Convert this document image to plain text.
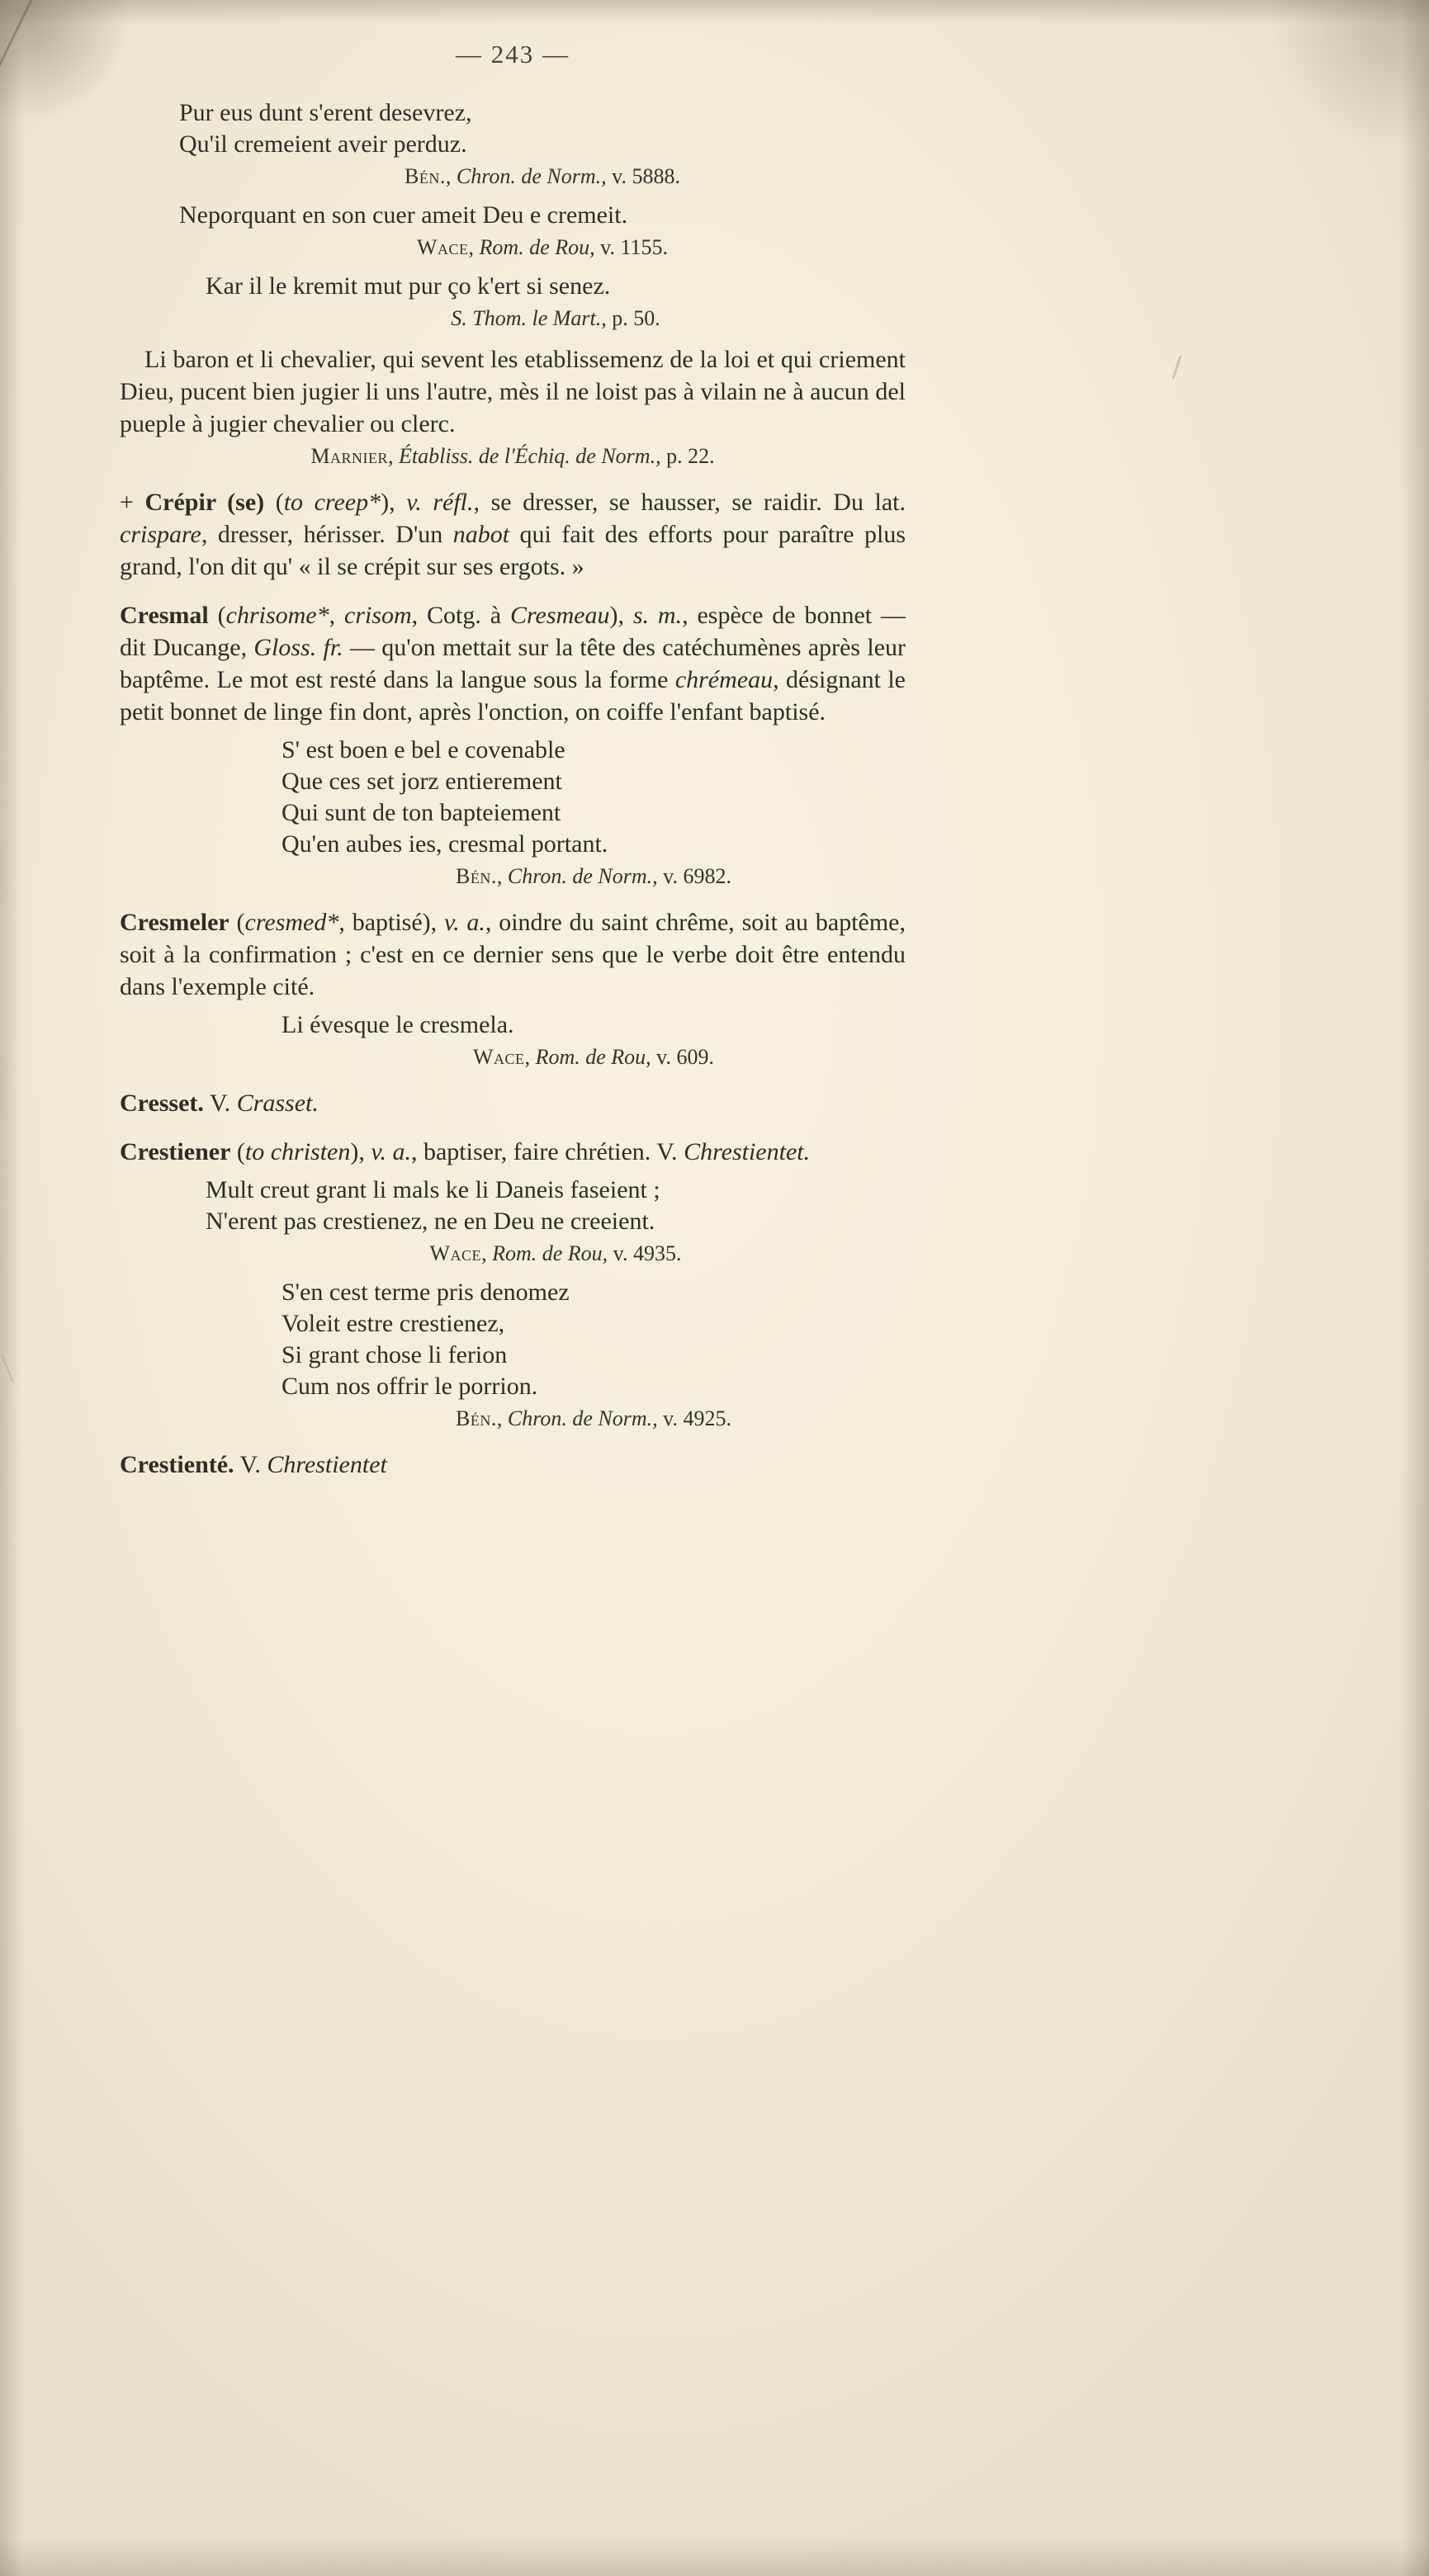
— 243 —
Pur eus dunt s'erent desevrez,
Qu'il cremeient aveir perduz.
Bén., Chron. de Norm., v. 5888.
Neporquant en son cuer ameit Deu e cremeit.
Wace, Rom. de Rou, v. 1155.
Kar il le kremit mut pur ço k'ert si senez.
S. Thom. le Mart., p. 50.

Li baron et li chevalier, qui sevent les etablissemenz de la loi et qui criement Dieu, pucent bien jugier li uns l'autre, mès il ne loist pas à vilain ne à aucun del pueple à jugier chevalier ou clerc.

Marnier, Établiss. de l'Échiq. de Norm., p. 22.

+ Crépir (se) (to creep*), v. réfl., se dresser, se hausser, se raidir. Du lat. crispare, dresser, hérisser. D'un nabot qui fait des efforts pour paraître plus grand, l'on dit qu' « il se crépit sur ses ergots. »

Cresmal (chrisome*, crisom, Cotg. à Cresmeau), s. m., espèce de bonnet — dit Ducange, Gloss. fr. — qu'on mettait sur la tête des catéchumènes après leur baptême. Le mot est resté dans la langue sous la forme chrémeau, désignant le petit bonnet de linge fin dont, après l'onction, on coiffe l'enfant baptisé.

S' est boen e bel e covenable
Que ces set jorz entierement
Qui sunt de ton bapteiement
Qu'en aubes ies, cresmal portant.
Bén., Chron. de Norm., v. 6982.

Cresmeler (cresmed*, baptisé), v. a., oindre du saint chrême, soit au baptême, soit à la confirmation ; c'est en ce dernier sens que le verbe doit être entendu dans l'exemple cité.

Li évesque le cresmela.
Wace, Rom. de Rou, v. 609.

Cresset. V. Crasset.

Crestiener (to christen), v. a., baptiser, faire chrétien. V. Chrestientet.

Mult creut grant li mals ke li Daneis faseient ;
N'erent pas crestienez, ne en Deu ne creeient.
Wace, Rom. de Rou, v. 4935.
S'en cest terme pris denomez
Voleit estre crestienez,
Si grant chose li ferion
Cum nos offrir le porrion.
Bén., Chron. de Norm., v. 4925.

Crestienté. V. Chrestientet
